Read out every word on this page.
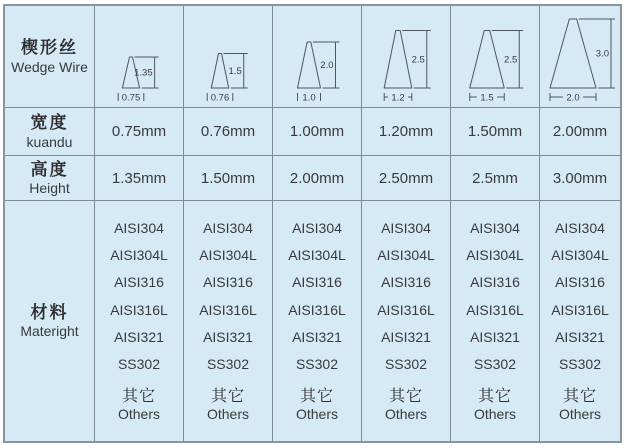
楔形丝
Wedge Wire	1.35
0.75
1.5
0.76
2.0
1.0
2.5
1.2
2.5
1.5
3.0
2.0
宽度
kuandu
0.75mm 0.76mm 1.00mm 1.20mm 1.50mm 2.00mm
高度
Height
1.35mm 1.50mm 2.00mm 2.50mm	2.5mm 3.00mm
材料
Materight
AISI304
AISI304L
AISI316
AISI316L
AISI321
SS302
其它
Others
AISI304
AISI304L
AISI316
AISI316L
AISI321
SS302
其它
Others
AISI304
AISI304L
AISI316
AISI316L
AISI321
SS302
其它
Others
AISI304
AISI304L
AISI316
AISI316L
AISI321
SS302
其它
Others
AISI304
AISI304L
AISI316
AISI316L
AISI321
SS302
其它
Others
AISI304
AISI304L
AISI316
AISI316L
AISI321
SS302
其它
Others
